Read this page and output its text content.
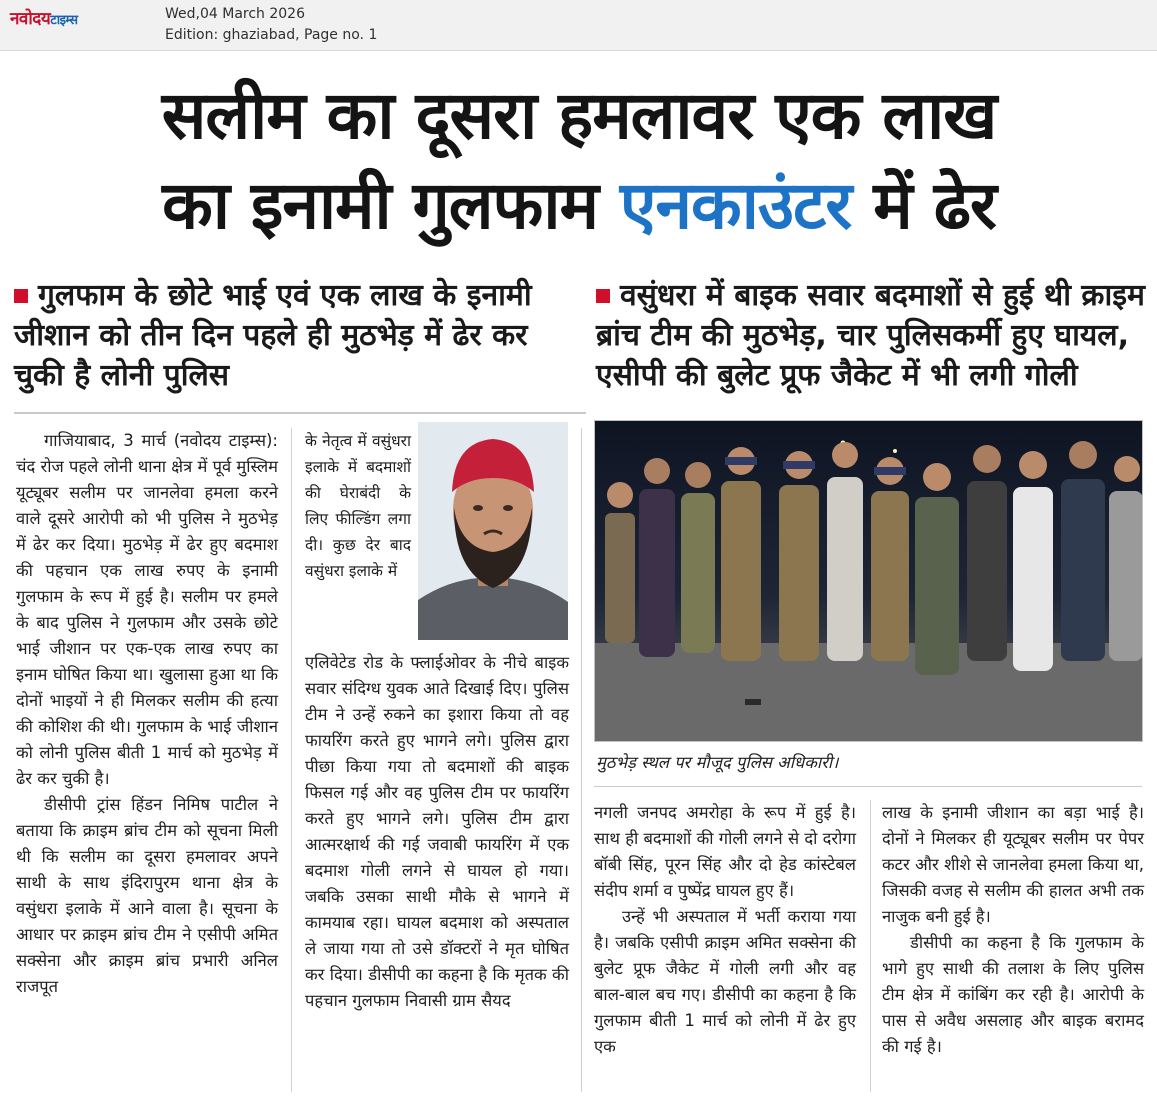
नवोदयटाइम्स	Wed,04 March 2026
Edition: ghaziabad, Page no. 1
सलीम का दूसरा हमलावर एक लाख
का इनामी गुलफाम एनकाउंटर में ढेर
गुलफाम के छोटे भाई एवं एक लाख के इनामी जीशान को तीन दिन पहले ही मुठभेड़ में ढेर कर चुकी है लोनी पुलिस
वसुंधरा में बाइक सवार बदमाशों से हुई थी क्राइम ब्रांच टीम की मुठभेड़, चार पुलिसकर्मी हुए घायल, एसीपी की बुलेट प्रूफ जैकेट में भी लगी गोली

गाजियाबाद, 3 मार्च (नवोदय टाइम्स): चंद रोज पहले लोनी थाना क्षेत्र में पूर्व मुस्लिम यूट्यूबर सलीम पर जानलेवा हमला करने वाले दूसरे आरोपी को भी पुलिस ने मुठभेड़ में ढेर कर दिया। मुठभेड़ में ढेर हुए बदमाश की पहचान एक लाख रुपए के इनामी गुलफाम के रूप में हुई है। सलीम पर हमले के बाद पुलिस ने गुलफाम और उसके छोटे भाई जीशान पर एक-एक लाख रुपए का इनाम घोषित किया था। खुलासा हुआ था कि दोनों भाइयों ने ही मिलकर सलीम की हत्या की कोशिश की थी। गुलफाम के भाई जीशान को लोनी पुलिस बीती 1 मार्च को मुठभेड़ में ढेर कर चुकी है।

डीसीपी ट्रांस हिंडन निमिष पाटील ने बताया कि क्राइम ब्रांच टीम को सूचना मिली थी कि सलीम का दूसरा हमलावर अपने साथी के साथ इंदिरापुरम थाना क्षेत्र के वसुंधरा इलाके में आने वाला है। सूचना के आधार पर क्राइम ब्रांच टीम ने एसीपी अमित सक्सेना और क्राइम ब्रांच प्रभारी अनिल राजपूत

के नेतृत्व में वसुंधरा इलाके में बदमाशों की घेराबंदी के लिए फील्डिंग लगा दी। कुछ देर बाद वसुंधरा इलाके में

एलिवेटेड रोड के फ्लाईओवर के नीचे बाइक सवार संदिग्ध युवक आते दिखाई दिए। पुलिस टीम ने उन्हें रुकने का इशारा किया तो वह फायरिंग करते हुए भागने लगे। पुलिस द्वारा पीछा किया गया तो बदमाशों की बाइक फिसल गई और वह पुलिस टीम पर फायरिंग करते हुए भागने लगे। पुलिस टीम द्वारा आत्मरक्षार्थ की गई जवाबी फायरिंग में एक बदमाश गोली लगने से घायल हो गया। जबकि उसका साथी मौके से भागने में कामयाब रहा। घायल बदमाश को अस्पताल ले जाया गया तो उसे डॉक्टरों ने मृत घोषित कर दिया। डीसीपी का कहना है कि मृतक की पहचान गुलफाम निवासी ग्राम सैयद

मुठभेड़ स्थल पर मौजूद पुलिस अधिकारी।

नगली जनपद अमरोहा के रूप में हुई है। साथ ही बदमाशों की गोली लगने से दो दरोगा बॉबी सिंह, पूरन सिंह और दो हेड कांस्टेबल संदीप शर्मा व पुष्पेंद्र घायल हुए हैं।

उन्हें भी अस्पताल में भर्ती कराया गया है। जबकि एसीपी क्राइम अमित सक्सेना की बुलेट प्रूफ जैकेट में गोली लगी और वह बाल-बाल बच गए। डीसीपी का कहना है कि गुलफाम बीती 1 मार्च को लोनी में ढेर हुए एक

लाख के इनामी जीशान का बड़ा भाई है। दोनों ने मिलकर ही यूट्यूबर सलीम पर पेपर कटर और शीशे से जानलेवा हमला किया था, जिसकी वजह से सलीम की हालत अभी तक नाजुक बनी हुई है।

डीसीपी का कहना है कि गुलफाम के भागे हुए साथी की तलाश के लिए पुलिस टीम क्षेत्र में कांबिंग कर रही है। आरोपी के पास से अवैध असलाह और बाइक बरामद की गई है।
